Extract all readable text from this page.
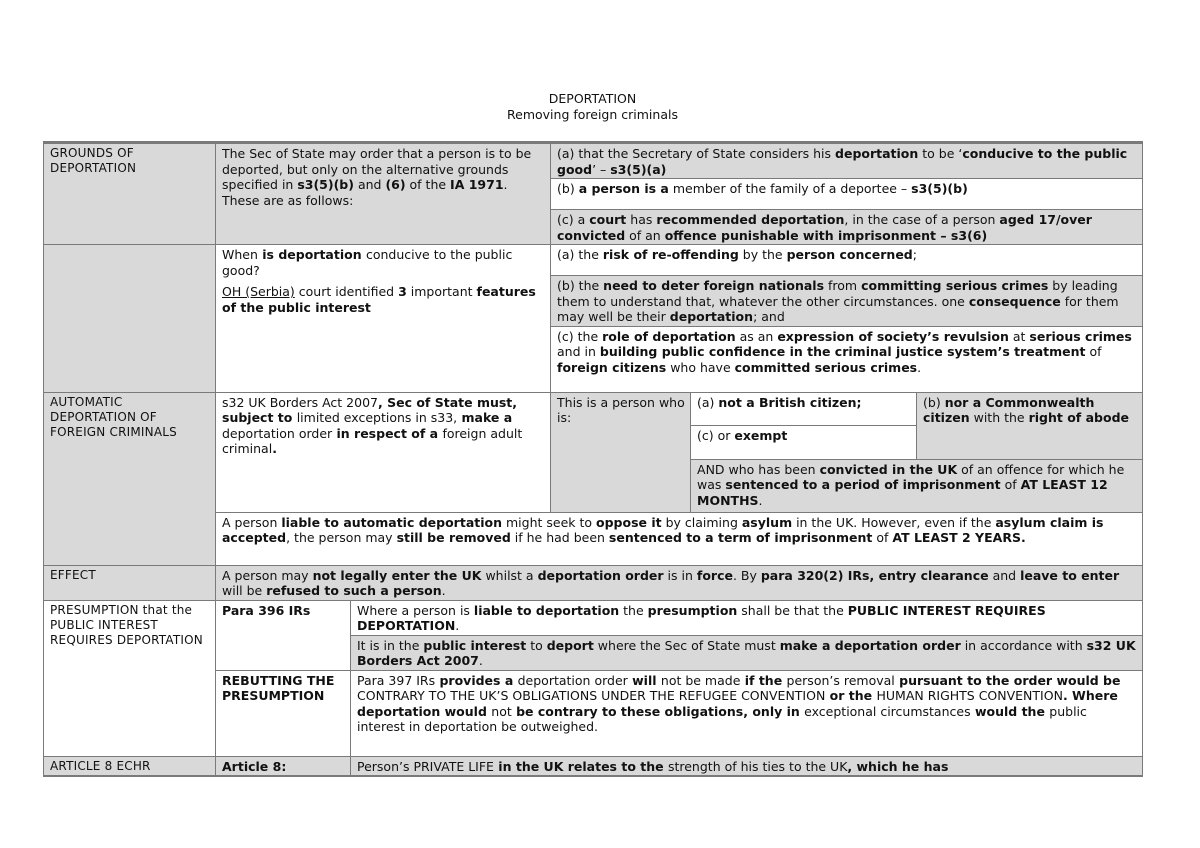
DEPORTATION
Removing foreign criminals
GROUNDS OF DEPORTATION	The Sec of State may order that a person is to be deported, but only on the alternative grounds specified in s3(5)(b) and (6) of the IA 1971. These are as follows:		(a) that the Secretary of State considers his deportation to be ‘conducive to the public good’ – s3(5)(a)		
			(b) a person is a member of the family of a deportee – s3(5)(b)		
			(c) a court has recommended deportation, in the case of a person aged 17/over convicted of an offence punishable with imprisonment – s3(6)		

	When is deportation conducive to the public good?
OH (Serbia) court identified 3 important features of the public interest		(a) the risk of re-offending by the person concerned;		
			(b) the need to deter foreign nationals from committing serious crimes by leading them to understand that, whatever the other circumstances. one consequence for them may well be their deportation; and		
			(c) the role of deportation as an expression of society’s revulsion at serious crimes and in building public confidence in the criminal justice system’s treatment of foreign citizens who have committed serious crimes.		
AUTOMATIC DEPORTATION OF FOREIGN CRIMINALS	s32 UK Borders Act 2007, Sec of State must, subject to limited exceptions in s33, make a deportation order in respect of a foreign adult criminal.		This is a person who is:	(a) not a British citizen;	(b) nor a Commonwealth citizen with the right of abode
				(c) or exempt	
				AND who has been convicted in the UK of an offence for which he was sentenced to a period of imprisonment of AT LEAST 12 MONTHS.	
	A person liable to automatic deportation might seek to oppose it by claiming asylum in the UK. However, even if the asylum claim is accepted, the person may still be removed if he had been sentenced to a term of imprisonment of AT LEAST 2 YEARS.				
EFFECT	A person may not legally enter the UK whilst a deportation order is in force. By para 320(2) IRs, entry clearance and leave to enter will be refused to such a person.				
PRESUMPTION that the PUBLIC INTEREST REQUIRES DEPORTATION	Para 396 IRs	Where a person is liable to deportation the presumption shall be that the PUBLIC INTEREST REQUIRES DEPORTATION.			
		It is in the public interest to deport where the Sec of State must make a deportation order in accordance with s32 UK Borders Act 2007.			
	REBUTTING THE PRESUMPTION	Para 397 IRs provides a deportation order will not be made if the person’s removal pursuant to the order would be CONTRARY TO THE UK’S OBLIGATIONS UNDER THE REFUGEE CONVENTION or the HUMAN RIGHTS CONVENTION. Where deportation would not be contrary to these obligations, only in exceptional circumstances would the public interest in deportation be outweighed.			
ARTICLE 8 ECHR	Article 8:	Person’s PRIVATE LIFE in the UK relates to the strength of his ties to the UK, which he has			
